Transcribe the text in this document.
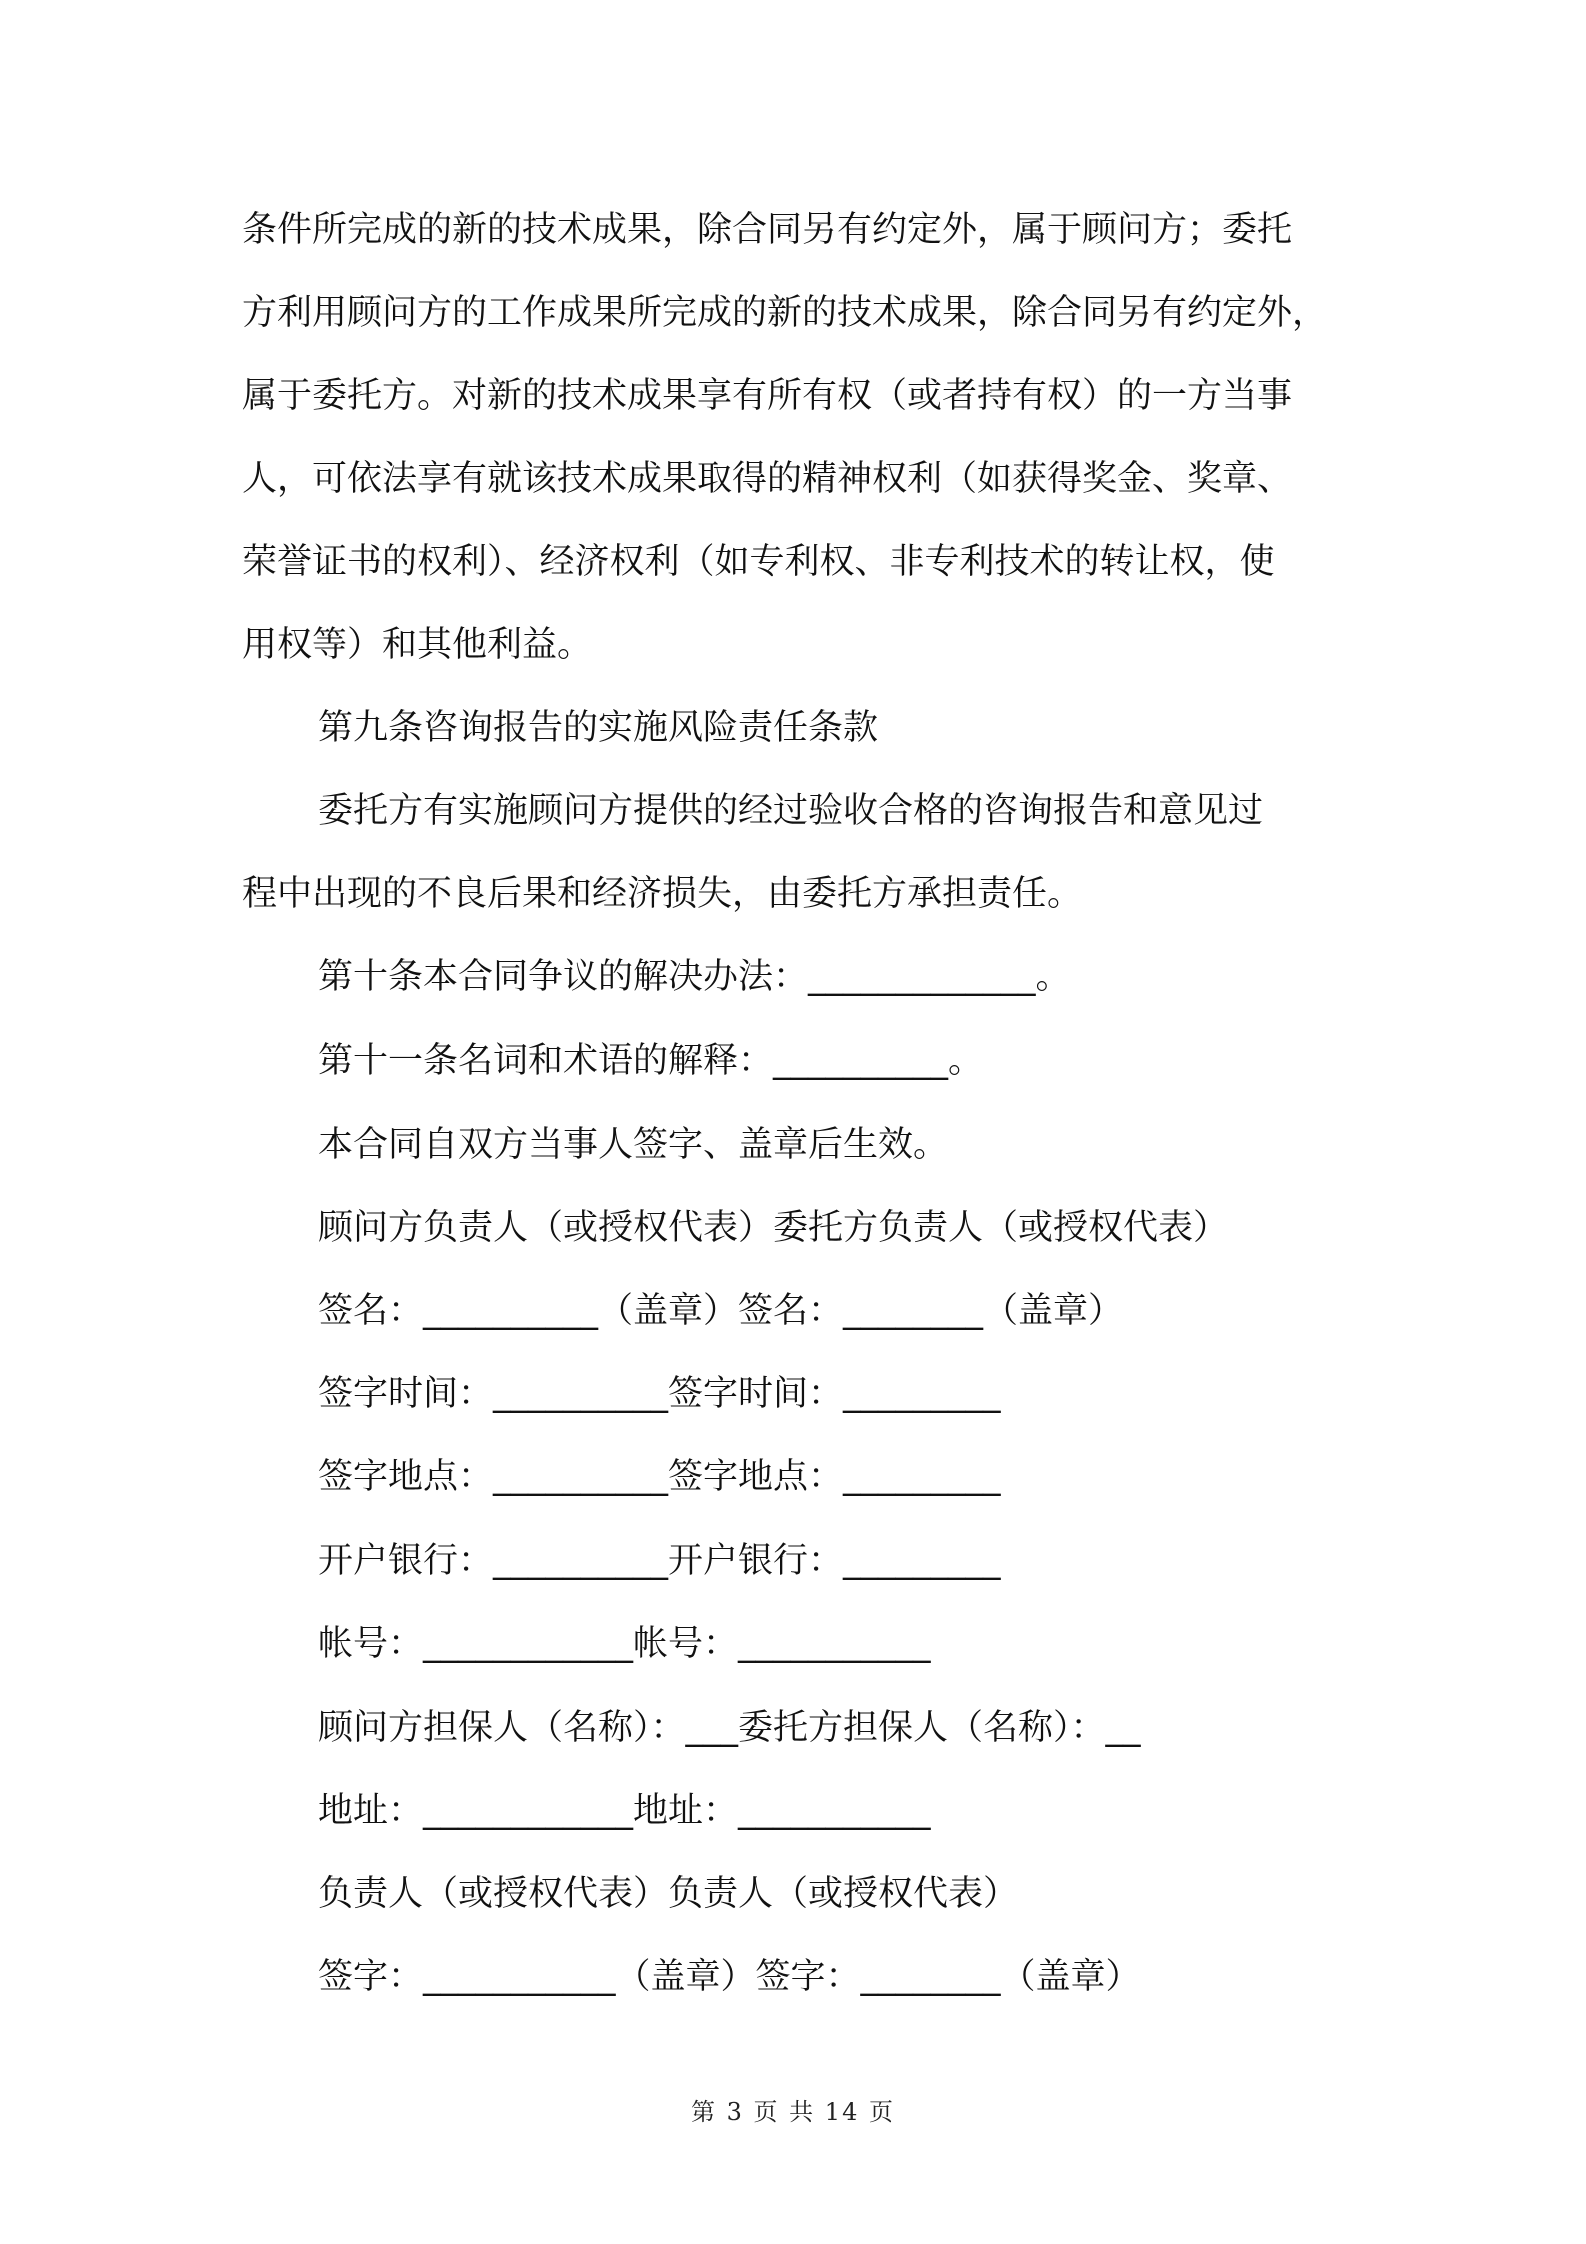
条件所完成的新的技术成果，除合同另有约定外，属于顾问方；委托
方利用顾问方的工作成果所完成的新的技术成果，除合同另有约定外，
属于委托方。对新的技术成果享有所有权（或者持有权）的一方当事
人，可依法享有就该技术成果取得的精神权利（如获得奖金、奖章、
荣誉证书的权利）、经济权利（如专利权、非专利技术的转让权，使
用权等）和其他利益。
第九条咨询报告的实施风险责任条款
委托方有实施顾问方提供的经过验收合格的咨询报告和意见过
程中出现的不良后果和经济损失，由委托方承担责任。
第十条本合同争议的解决办法：_____________。
第十一条名词和术语的解释：__________。
本合同自双方当事人签字、盖章后生效。
顾问方负责人（或授权代表）委托方负责人（或授权代表）
签名：__________（盖章）签名：________（盖章）
签字时间：__________签字时间：_________
签字地点：__________签字地点：_________
开户银行：__________开户银行：_________
帐号：____________帐号：___________
顾问方担保人（名称）：___委托方担保人（名称）：__
地址：____________地址：___________
负责人（或授权代表）负责人（或授权代表）
签字：___________（盖章）签字：________（盖章）
第 3 页 共 14 页
